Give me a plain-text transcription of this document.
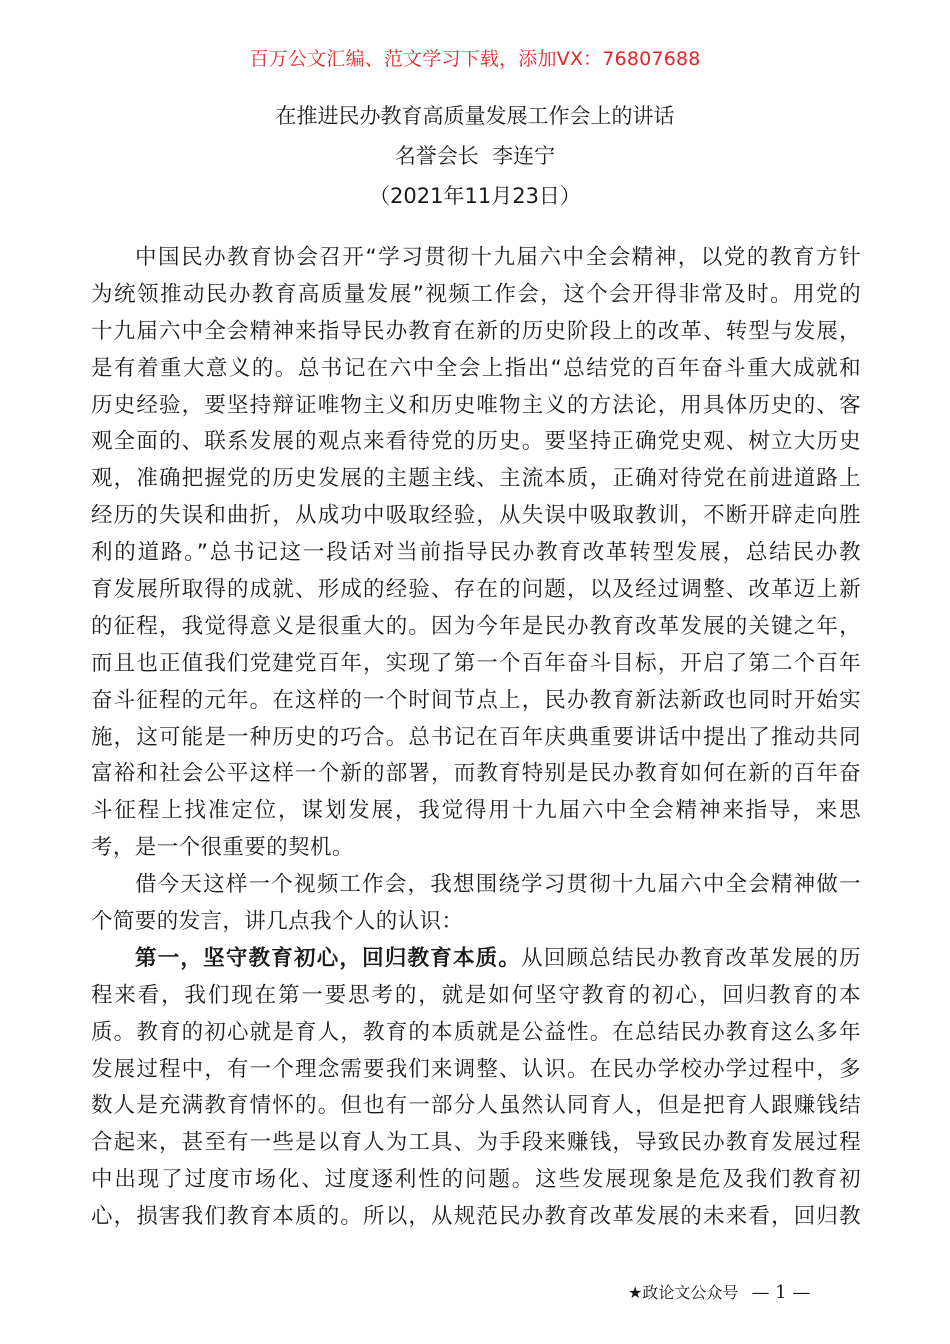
百万公文汇编、范文学习下载，添加VX：76807688
在推进民办教育高质量发展工作会上的讲话
名誉会长  李连宁
（2021年11月23日）
中国民办教育协会召开“学习贯彻十九届六中全会精神，以党的教育方针
为统领推动民办教育高质量发展”视频工作会，这个会开得非常及时。用党的
十九届六中全会精神来指导民办教育在新的历史阶段上的改革、转型与发展，
是有着重大意义的。总书记在六中全会上指出“总结党的百年奋斗重大成就和
历史经验，要坚持辩证唯物主义和历史唯物主义的方法论，用具体历史的、客
观全面的、联系发展的观点来看待党的历史。要坚持正确党史观、树立大历史
观，准确把握党的历史发展的主题主线、主流本质，正确对待党在前进道路上
经历的失误和曲折，从成功中吸取经验，从失误中吸取教训，不断开辟走向胜
利的道路。”总书记这一段话对当前指导民办教育改革转型发展，总结民办教
育发展所取得的成就、形成的经验、存在的问题，以及经过调整、改革迈上新
的征程，我觉得意义是很重大的。因为今年是民办教育改革发展的关键之年，
而且也正值我们党建党百年，实现了第一个百年奋斗目标，开启了第二个百年
奋斗征程的元年。在这样的一个时间节点上，民办教育新法新政也同时开始实
施，这可能是一种历史的巧合。总书记在百年庆典重要讲话中提出了推动共同
富裕和社会公平这样一个新的部署，而教育特别是民办教育如何在新的百年奋
斗征程上找准定位，谋划发展，我觉得用十九届六中全会精神来指导，来思
考，是一个很重要的契机。
借今天这样一个视频工作会，我想围绕学习贯彻十九届六中全会精神做一
个简要的发言，讲几点我个人的认识：
第一，坚守教育初心，回归教育本质。从回顾总结民办教育改革发展的历
程来看，我们现在第一要思考的，就是如何坚守教育的初心，回归教育的本
质。教育的初心就是育人，教育的本质就是公益性。在总结民办教育这么多年
发展过程中，有一个理念需要我们来调整、认识。在民办学校办学过程中，多
数人是充满教育情怀的。但也有一部分人虽然认同育人，但是把育人跟赚钱结
合起来，甚至有一些是以育人为工具、为手段来赚钱，导致民办教育发展过程
中出现了过度市场化、过度逐利性的问题。这些发展现象是危及我们教育初
心，损害我们教育本质的。所以，从规范民办教育改革发展的未来看，回归教
★政论文公众号 — 1 —
